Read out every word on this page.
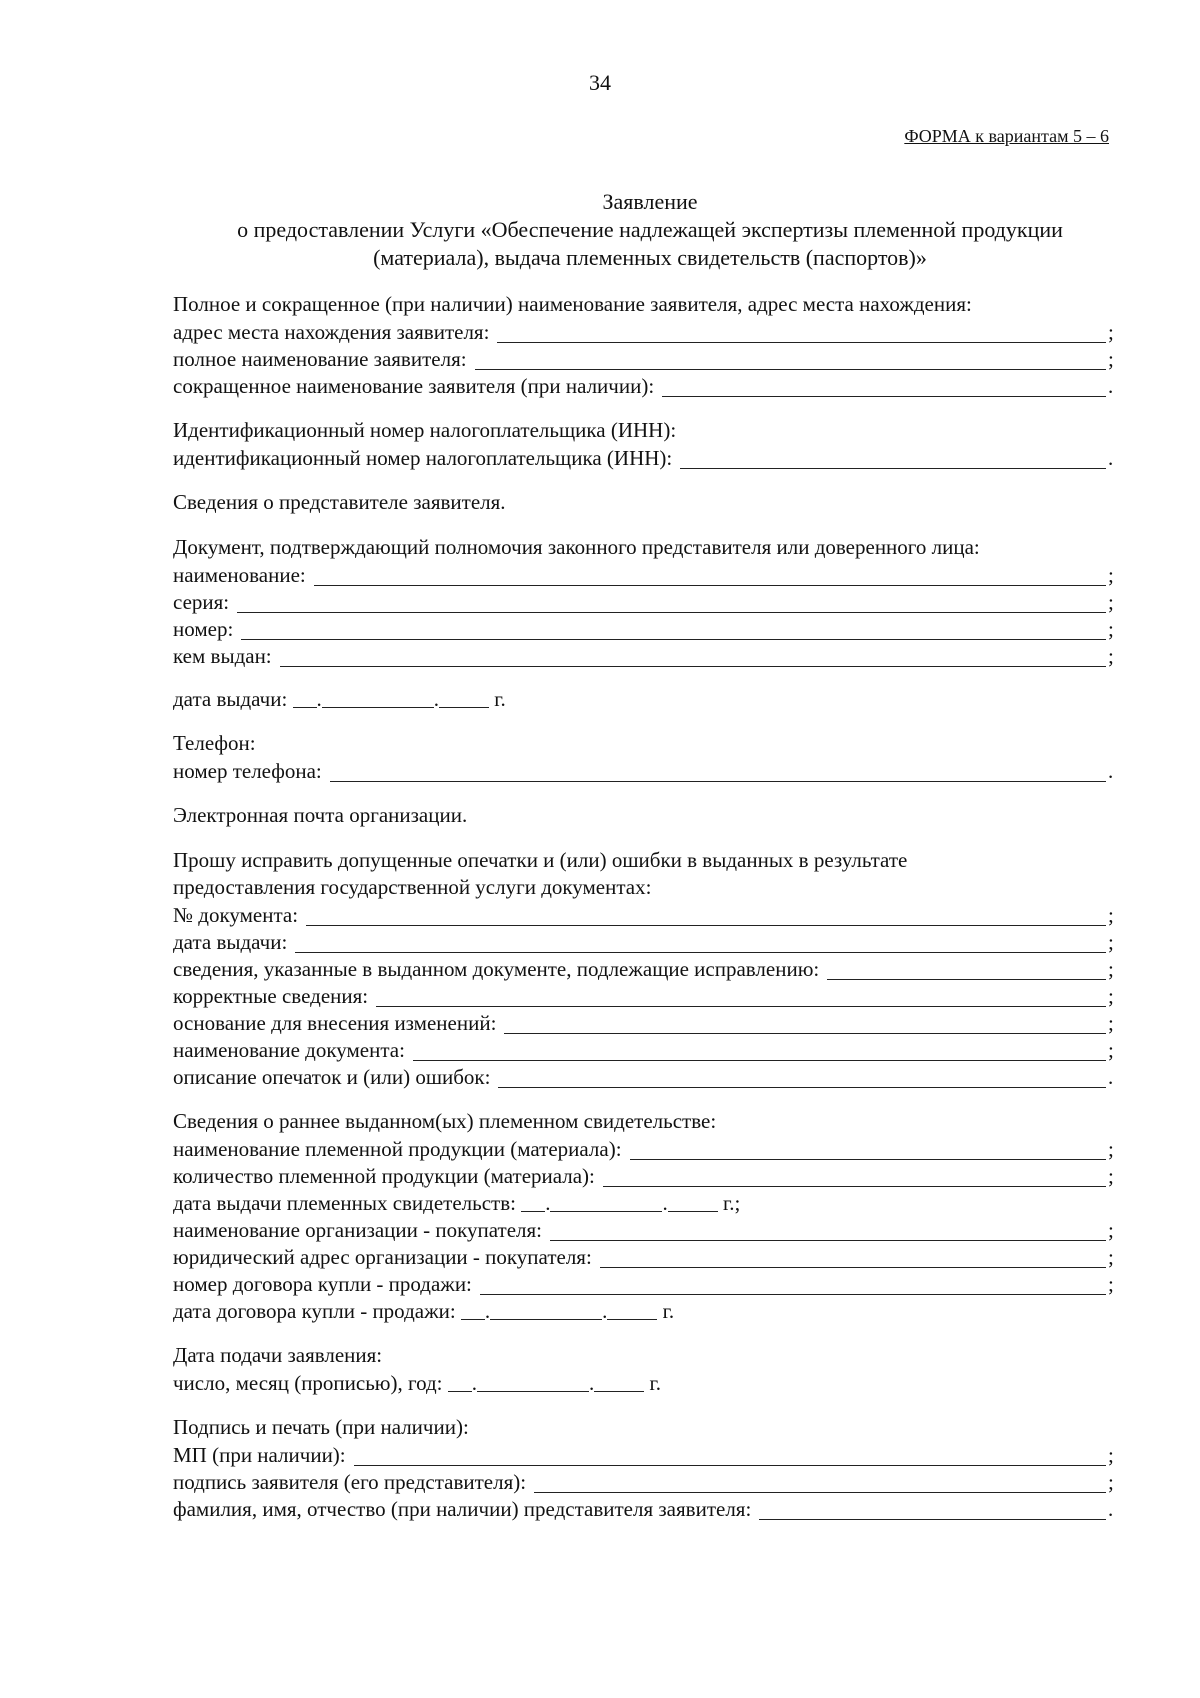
34
ФОРМА к вариантам 5 – 6
Заявление
о предоставлении Услуги «Обеспечение надлежащей экспертизы племенной продукции
(материала), выдача племенных свидетельств (паспортов)»
Полное и сокращенное (при наличии) наименование заявителя, адрес места нахождения:
адрес места нахождения заявителя:	;
полное наименование заявителя:	;
сокращенное наименование заявителя (при наличии):	.
Идентификационный номер налогоплательщика (ИНН):
идентификационный номер налогоплательщика (ИНН):	.
Сведения о представителе заявителя.
Документ, подтверждающий полномочия законного представителя или доверенного лица:
наименование:	;
серия:	;
номер:	;
кем выдан:	;
дата выдачи:
	.	.
	г.
Телефон:
номер телефона:	.
Электронная почта организации.
Прошу исправить допущенные опечатки и (или) ошибки в выданных в результате
предоставления государственной услуги документах:
№ документа:	;
дата выдачи:	;
сведения, указанные в выданном документе, подлежащие исправлению:	;
корректные сведения:	;
основание для внесения изменений:	;
наименование документа:	;
описание опечаток и (или) ошибок:	.
Сведения о раннее выданном(ых) племенном свидетельстве:
наименование племенной продукции (материала):	;
количество племенной продукции (материала):	;
дата выдачи племенных свидетельств:
	.	.
	г.;
наименование организации - покупателя:	;
юридический адрес организации - покупателя:	;
номер договора купли - продажи:	;
дата договора купли - продажи:
	.	.
	г.
Дата подачи заявления:
число, месяц (прописью), год:
	.	.
	г.
Подпись и печать (при наличии):
МП (при наличии):	;
подпись заявителя (его представителя):	;
фамилия, имя, отчество (при наличии) представителя заявителя:	.
